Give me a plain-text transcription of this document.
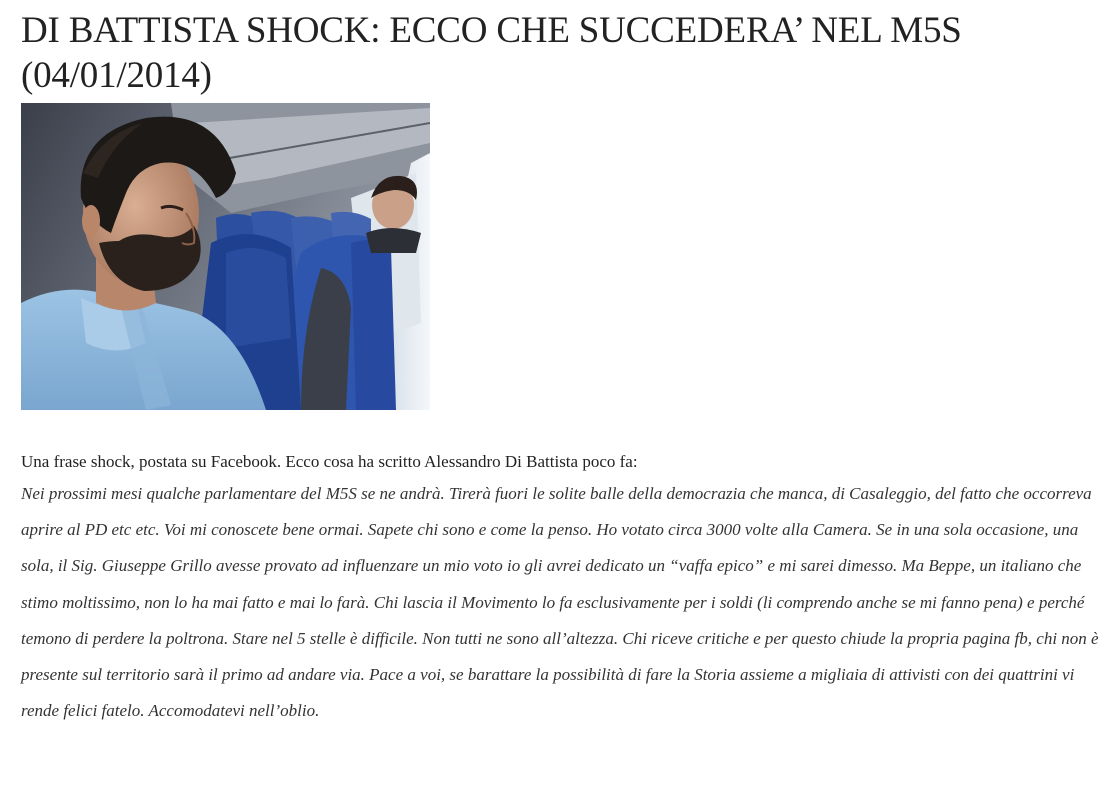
DI BATTISTA SHOCK: ECCO CHE SUCCEDERA’ NEL M5S
(04/01/2014)

Una frase shock, postata su Facebook. Ecco cosa ha scritto Alessandro Di Battista poco fa:

Nei prossimi mesi qualche parlamentare del M5S se ne andrà. Tirerà fuori le solite balle della democrazia che manca, di Casaleggio, del fatto che occorreva aprire al PD etc etc. Voi mi conoscete bene ormai. Sapete chi sono e come la penso. Ho votato circa 3000 volte alla Camera. Se in una sola occasione, una sola, il Sig. Giuseppe Grillo avesse provato ad influenzare un mio voto io gli avrei dedicato un “vaffa epico” e mi sarei dimesso. Ma Beppe, un italiano che stimo moltissimo, non lo ha mai fatto e mai lo farà. Chi lascia il Movimento lo fa esclusivamente per i soldi (li comprendo anche se mi fanno pena) e perché temono di perdere la poltrona. Stare nel 5 stelle è difficile. Non tutti ne sono all’altezza. Chi riceve critiche e per questo chiude la propria pagina fb, chi non è presente sul territorio sarà il primo ad andare via. Pace a voi, se barattare la possibilità di fare la Storia assieme a migliaia di attivisti con dei quattrini vi rende felici fatelo. Accomodatevi nell’oblio.
